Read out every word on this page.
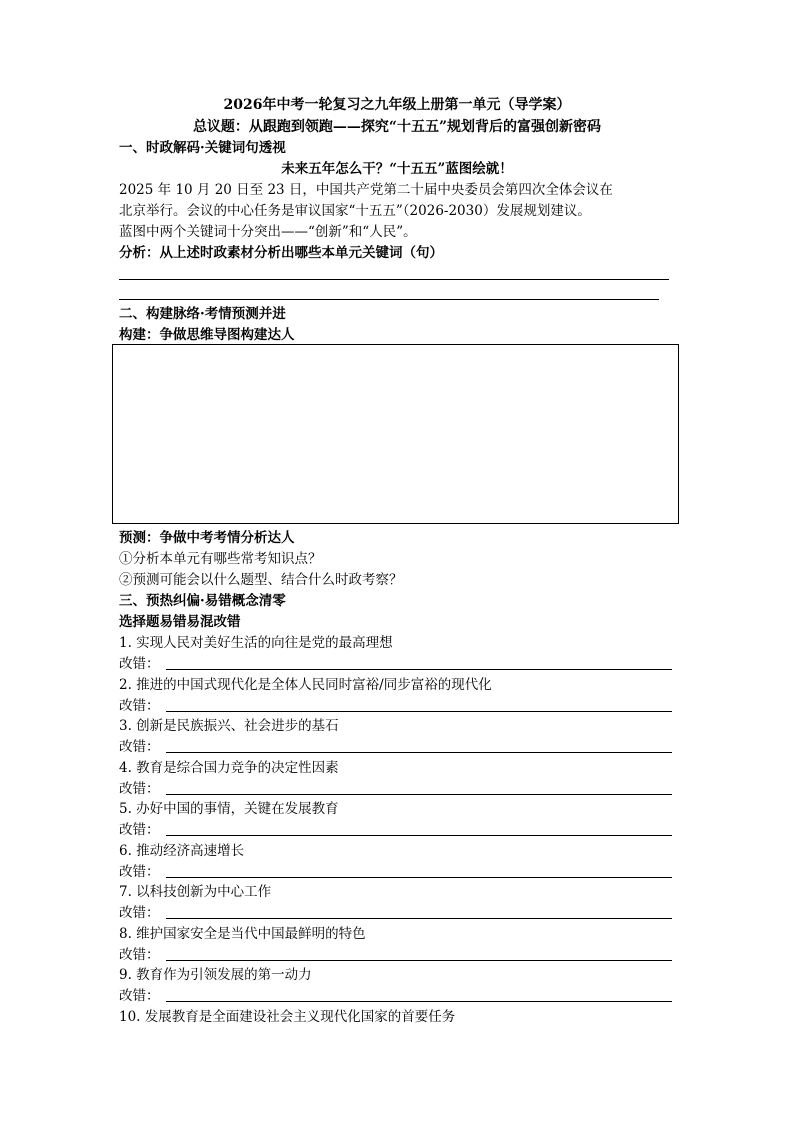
2026年中考一轮复习之九年级上册第一单元（导学案）
总议题：从跟跑到领跑——探究“十五五”规划背后的富强创新密码
一、时政解码·关键词句透视
未来五年怎么干？“十五五”蓝图绘就！
2025 年 10 月 20 日至 23 日，中国共产党第二十届中央委员会第四次全体会议在
北京举行。会议的中心任务是审议国家“十五五”（2026-2030）发展规划建议。
蓝图中两个关键词十分突出——“创新”和“人民”。
分析：从上述时政素材分析出哪些本单元关键词（句）
二、构建脉络·考情预测并进
构建：争做思维导图构建达人
预测：争做中考考情分析达人
①分析本单元有哪些常考知识点？
②预测可能会以什么题型、结合什么时政考察？
三、预热纠偏·易错概念清零
选择题易错易混改错
1. 实现人民对美好生活的向往是党的最高理想
改错：
2. 推进的中国式现代化是全体人民同时富裕/同步富裕的现代化
改错：
3. 创新是民族振兴、社会进步的基石
改错：
4. 教育是综合国力竞争的决定性因素
改错：
5. 办好中国的事情，关键在发展教育
改错：
6. 推动经济高速增长
改错：
7. 以科技创新为中心工作
改错：
8. 维护国家安全是当代中国最鲜明的特色
改错：
9. 教育作为引领发展的第一动力
改错：
10. 发展教育是全面建设社会主义现代化国家的首要任务
